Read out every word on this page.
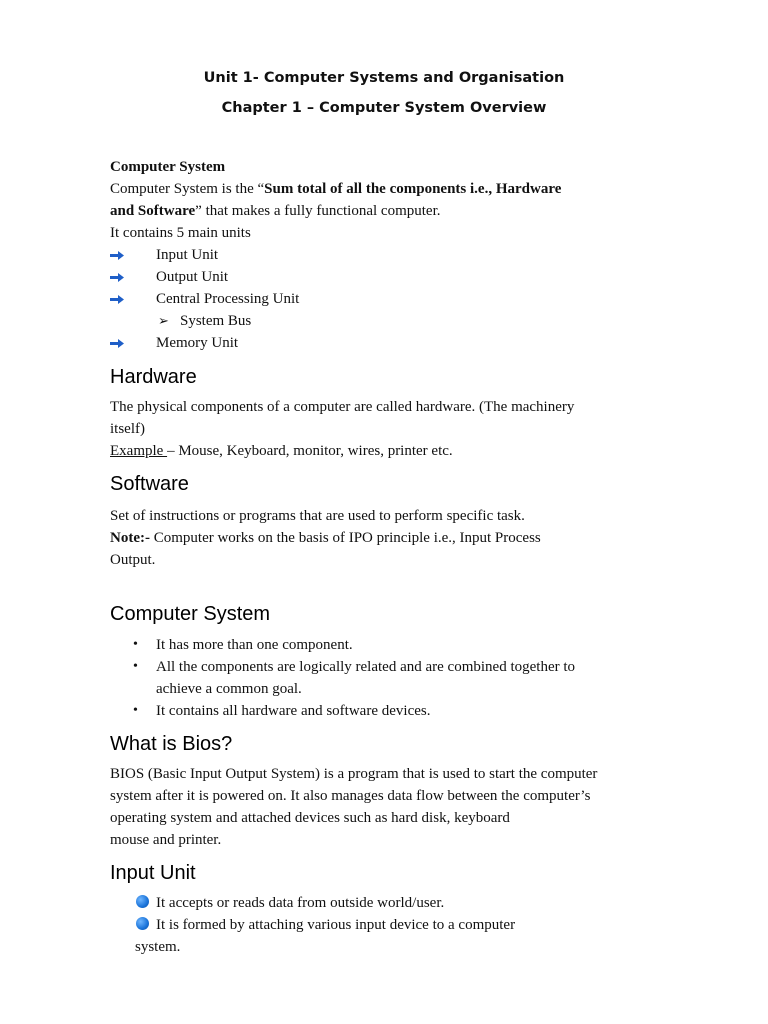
Unit 1- Computer Systems and Organisation
Chapter 1 – Computer System Overview
Computer System
Computer System is the “Sum total of all the components i.e., Hardware
and Software” that makes a fully functional computer.
It contains 5 main units
Input Unit
Output Unit
Central Processing Unit
➢ System Bus
Memory Unit
Hardware
The physical components of a computer are called hardware. (The machinery
itself)
Example – Mouse, Keyboard, monitor, wires, printer etc.
Software
Set of instructions or programs that are used to perform specific task.
Note:- Computer works on the basis of IPO principle i.e., Input Process
Output.
Computer System
• It has more than one component.
• All the components are logically related and are combined together to
achieve a common goal.
• It contains all hardware and software devices.
What is Bios?
BIOS (Basic Input Output System) is a program that is used to start the computer
system after it is powered on. It also manages data flow between the computer’s
operating system and attached devices such as hard disk, keyboard
mouse and printer.
Input Unit
It accepts or reads data from outside world/user.
It is formed by attaching various input device to a computer
system.
